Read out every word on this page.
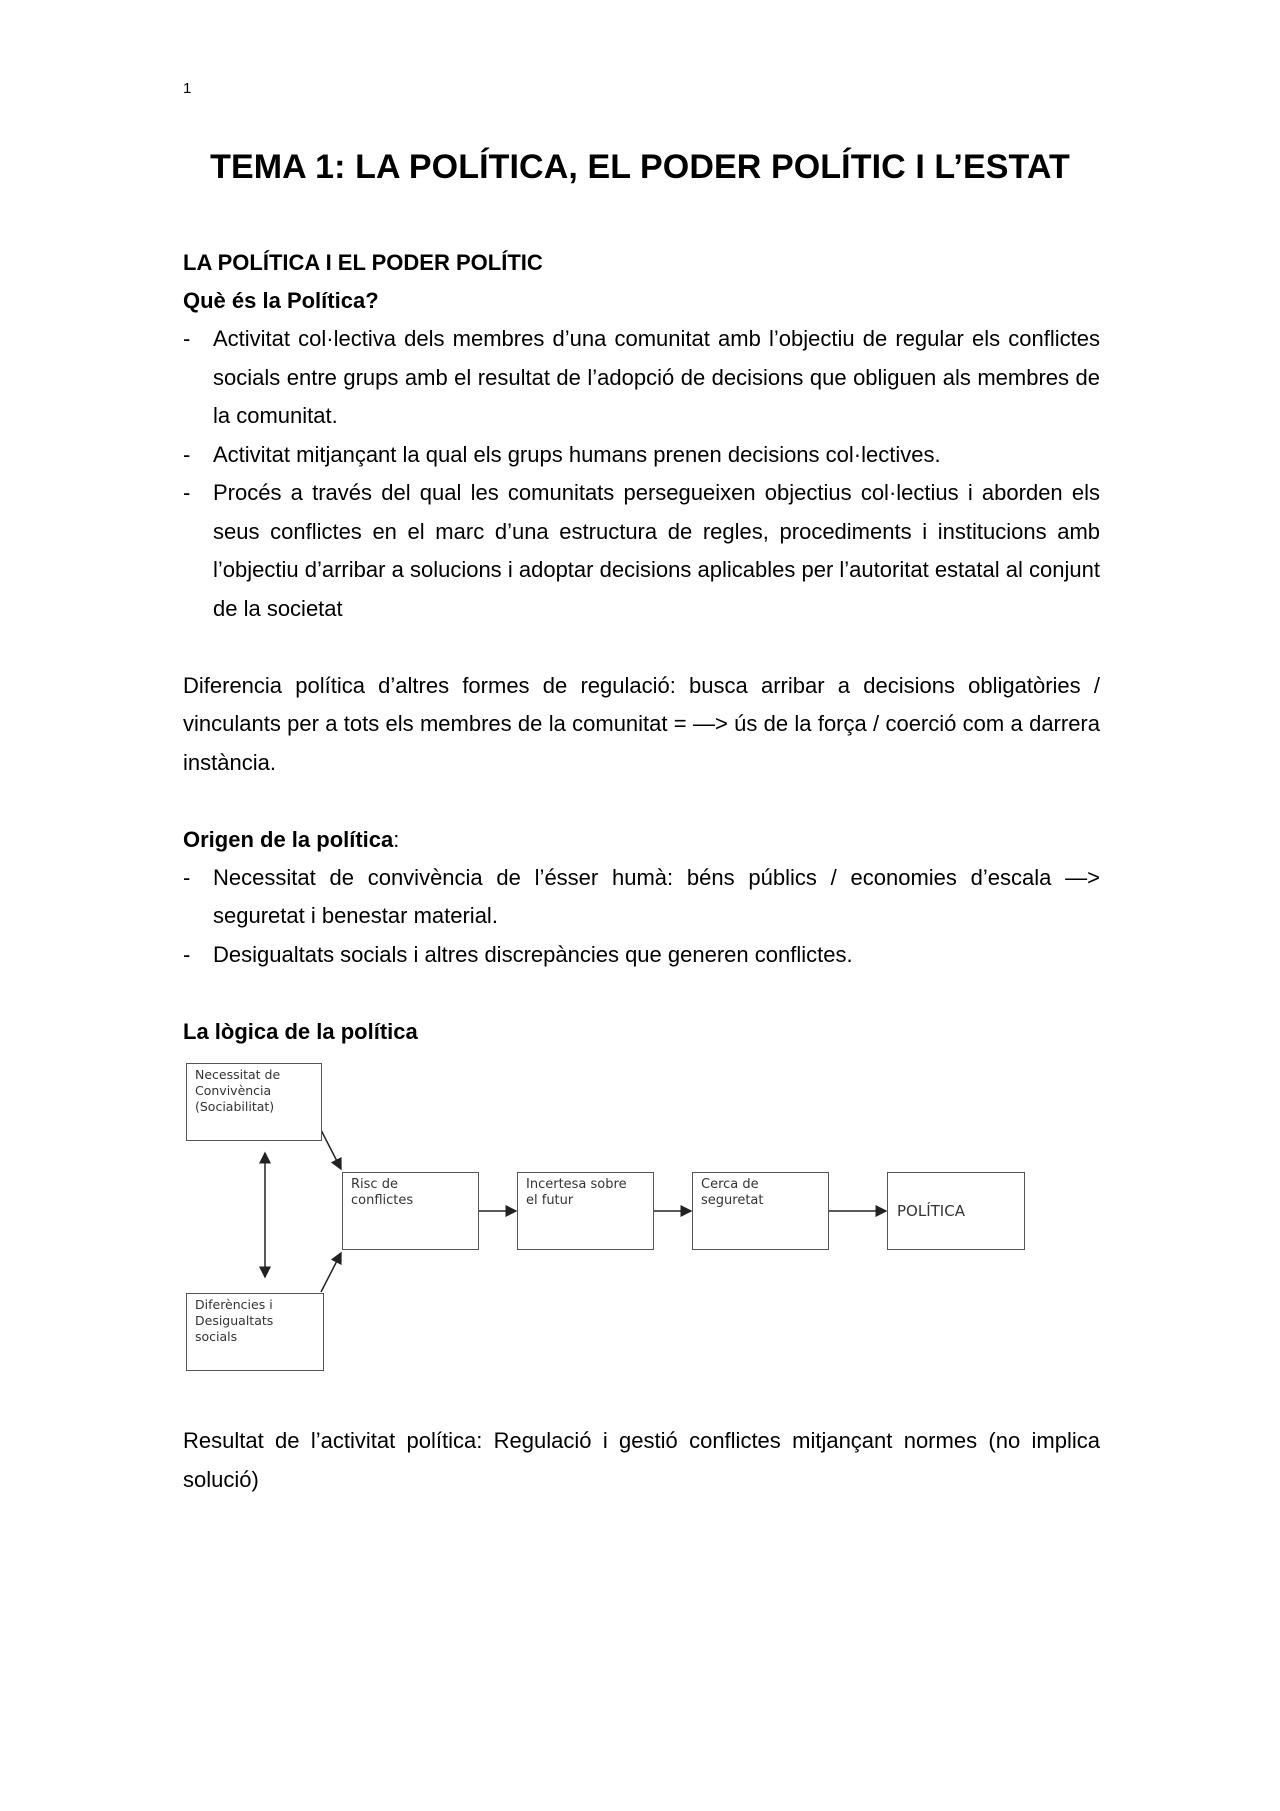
1
TEMA 1: LA POLÍTICA, EL PODER POLÍTIC I L’ESTAT
LA POLÍTICA I EL PODER POLÍTIC
Què és la Política?
-	Activitat col·lectiva dels membres d’una comunitat amb l’objectiu de regular els conflictes socials entre grups amb el resultat de l’adopció de decisions que obliguen als membres de la comunitat.
-	Activitat mitjançant la qual els grups humans prenen decisions col·lectives.
-	Procés a través del qual les comunitats persegueixen objectius col·lectius i aborden els seus conflictes en el marc d’una estructura de regles, procediments i institucions amb l’objectiu d’arribar a solucions i adoptar decisions aplicables per l’autoritat estatal al conjunt de la societat

Diferencia política d’altres formes de regulació: busca arribar a decisions obligatòries / vinculants per a tots els membres de la comunitat = —> ús de la força / coerció com a darrera instància.

Origen de la política:
-	Necessitat de convivència de l’ésser humà: béns públics / economies d’escala —> seguretat i benestar material.
-	Desigualtats socials i altres discrepàncies que generen conflictes.
La lògica de la política
Necessitat de
Convivència
(Sociabilitat)
Diferències i
Desigualtats
socials
Risc de
conflictes
Incertesa sobre
el futur
Cerca de
seguretat
POLÍTICA

Resultat de l’activitat política: Regulació i gestió conflictes mitjançant normes (no implica solució)
